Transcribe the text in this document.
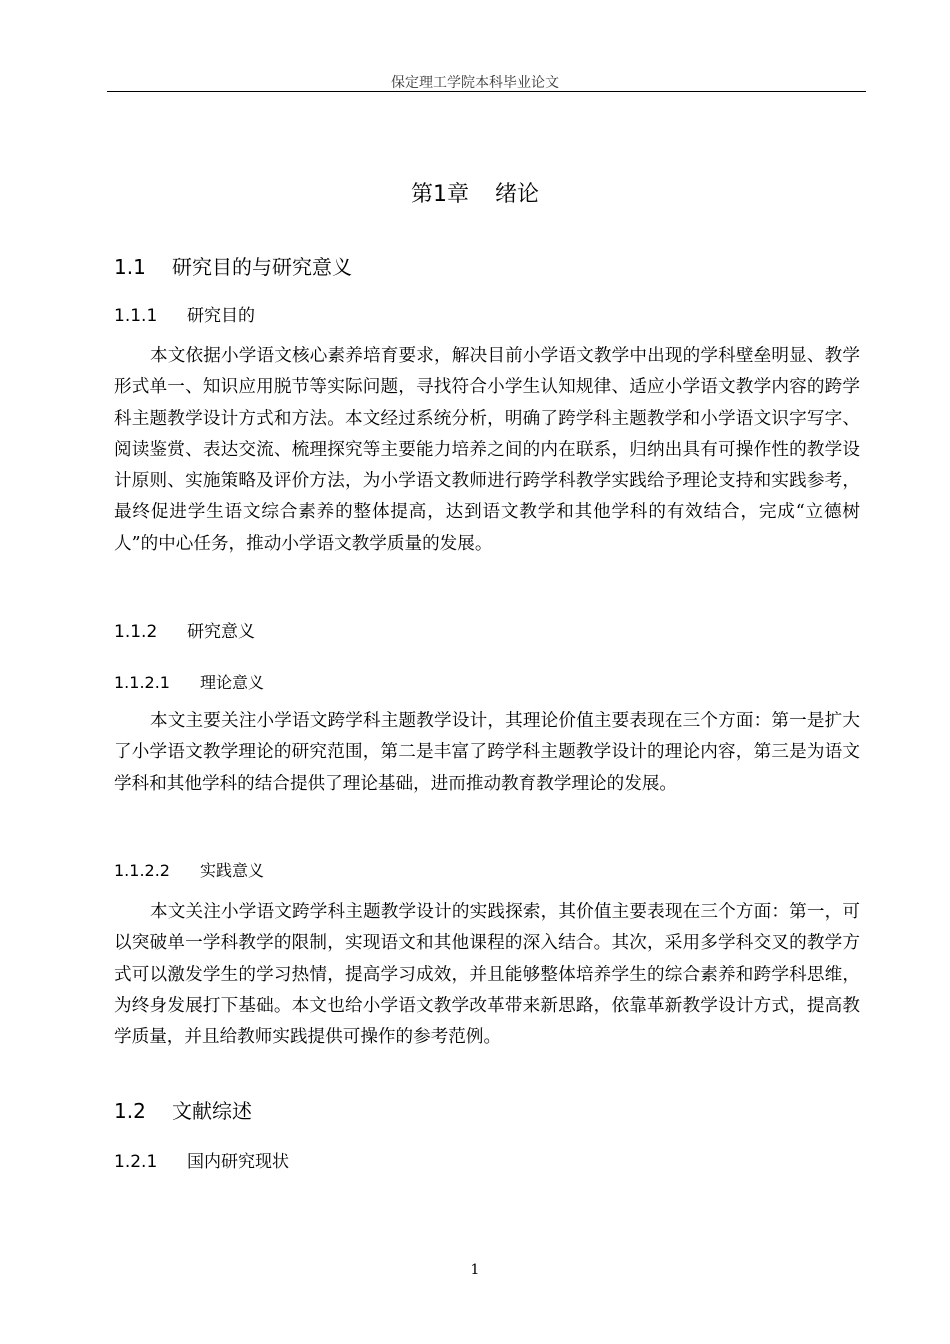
保定理工学院本科毕业论文
第1章 绪论
1.1 研究目的与研究意义
1.1.1 研究目的

本文依据小学语文核心素养培育要求，解决目前小学语文教学中出现的学科壁垒明显、教学形式单一、知识应用脱节等实际问题，寻找符合小学生认知规律、适应小学语文教学内容的跨学科主题教学设计方式和方法。本文经过系统分析，明确了跨学科主题教学和小学语文识字写字、阅读鉴赏、表达交流、梳理探究等主要能力培养之间的内在联系，归纳出具有可操作性的教学设计原则、实施策略及评价方法，为小学语文教师进行跨学科教学实践给予理论支持和实践参考，最终促进学生语文综合素养的整体提高，达到语文教学和其他学科的有效结合，完成“立德树人”的中心任务，推动小学语文教学质量的发展。

1.1.2 研究意义
1.1.2.1 理论意义

本文主要关注小学语文跨学科主题教学设计，其理论价值主要表现在三个方面：第一是扩大了小学语文教学理论的研究范围，第二是丰富了跨学科主题教学设计的理论内容，第三是为语文学科和其他学科的结合提供了理论基础，进而推动教育教学理论的发展。

1.1.2.2 实践意义

本文关注小学语文跨学科主题教学设计的实践探索，其价值主要表现在三个方面：第一，可以突破单一学科教学的限制，实现语文和其他课程的深入结合。其次，采用多学科交叉的教学方式可以激发学生的学习热情，提高学习成效，并且能够整体培养学生的综合素养和跨学科思维，为终身发展打下基础。本文也给小学语文教学改革带来新思路，依靠革新教学设计方式，提高教学质量，并且给教师实践提供可操作的参考范例。

1.2 文献综述
1.2.1 国内研究现状
1
